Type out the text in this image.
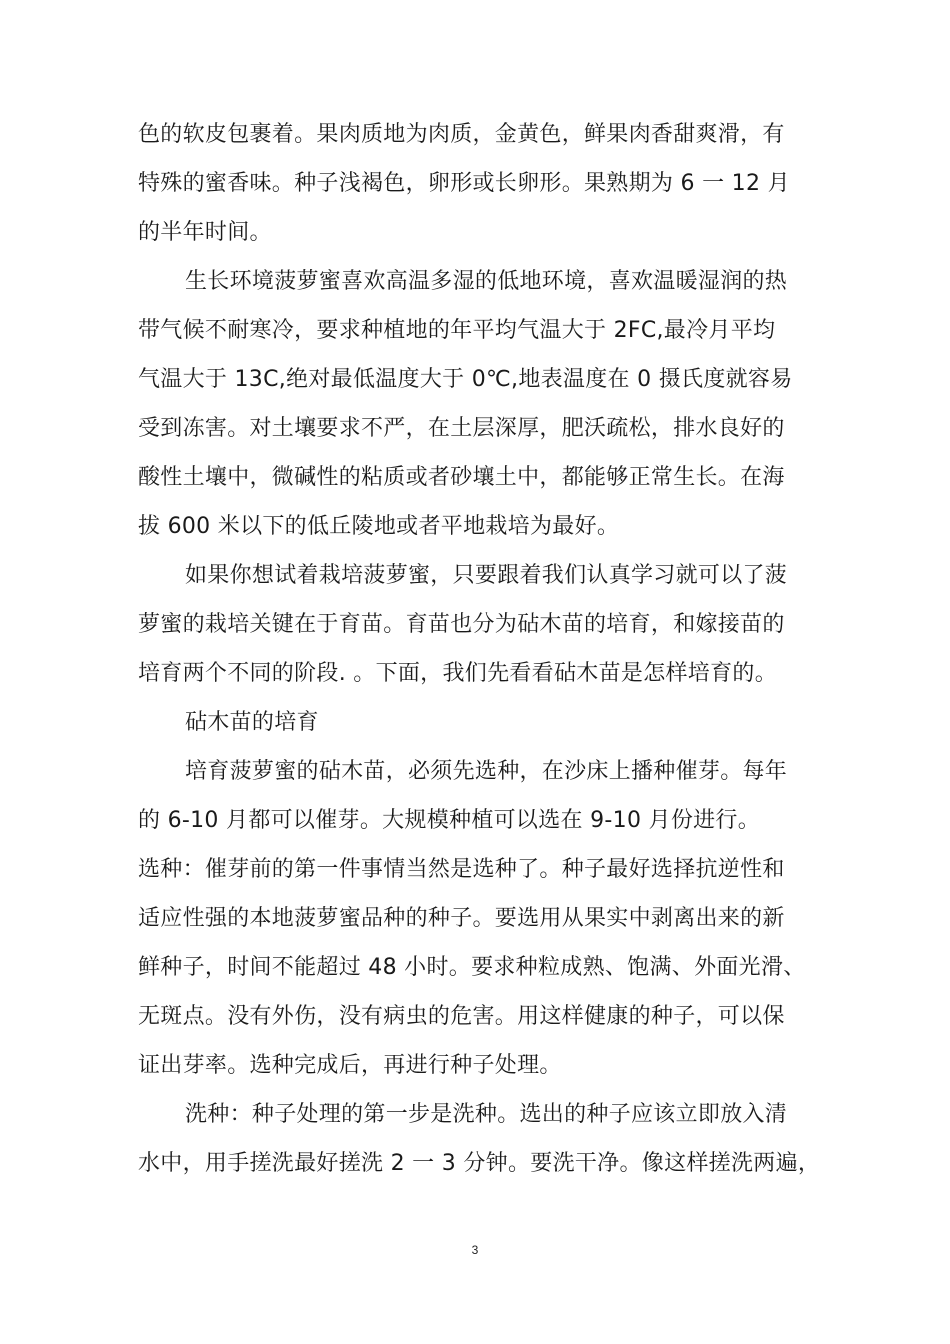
色的软皮包裹着。果肉质地为肉质，金黄色，鲜果肉香甜爽滑，有
特殊的蜜香味。种子浅褐色，卵形或长卵形。果熟期为 6 一 12 月
的半年时间。
生长环境菠萝蜜喜欢高温多湿的低地环境，喜欢温暖湿润的热
带气候不耐寒冷，要求种植地的年平均气温大于 2FC,最冷月平均
气温大于 13C,绝对最低温度大于 0℃,地表温度在 0 摄氏度就容易
受到冻害。对土壤要求不严，在土层深厚，肥沃疏松，排水良好的
酸性土壤中，微碱性的粘质或者砂壤土中，都能够正常生长。在海
拔 600 米以下的低丘陵地或者平地栽培为最好。
如果你想试着栽培菠萝蜜，只要跟着我们认真学习就可以了菠
萝蜜的栽培关键在于育苗。育苗也分为砧木苗的培育，和嫁接苗的
培育两个不同的阶段. 。下面，我们先看看砧木苗是怎样培育的。
砧木苗的培育
培育菠萝蜜的砧木苗，必须先选种，在沙床上播种催芽。每年
的 6-10 月都可以催芽。大规模种植可以选在 9-10 月份进行。
选种：催芽前的第一件事情当然是选种了。种子最好选择抗逆性和
适应性强的本地菠萝蜜品种的种子。要选用从果实中剥离出来的新
鲜种子，时间不能超过 48 小时。要求种粒成熟、饱满、外面光滑、
无斑点。没有外伤，没有病虫的危害。用这样健康的种子，可以保
证出芽率。选种完成后，再进行种子处理。
洗种：种子处理的第一步是洗种。选出的种子应该立即放入清
水中，用手搓洗最好搓洗 2 一 3 分钟。要洗干净。像这样搓洗两遍，
3
